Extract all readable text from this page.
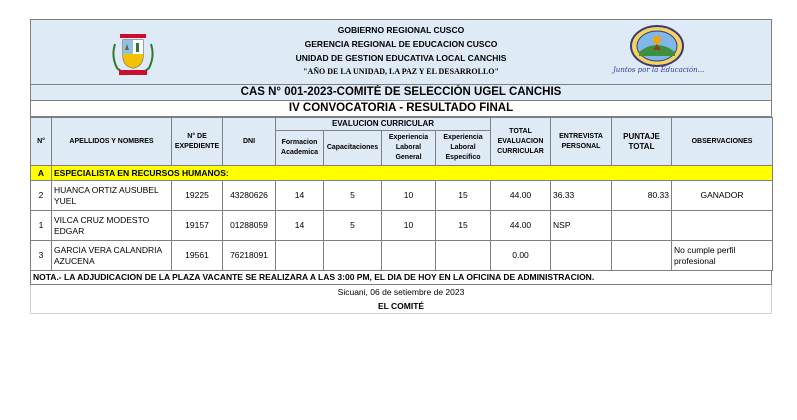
GOBIERNO REGIONAL CUSCO
GERENCIA REGIONAL DE EDUCACION CUSCO
UNIDAD DE GESTION EDUCATIVA LOCAL CANCHIS
"AÑO DE LA UNIDAD, LA PAZ Y EL DESARROLLO"	Juntos por la Educación...
CAS N° 001-2023-COMITÉ DE SELECCIÓN UGEL CANCHIS
IV CONVOCATORIA - RESULTADO FINAL
N°	APELLIDOS Y NOMBRES	N° DE EXPEDIENTE	DNI	EVALUCION CURRICULAR				TOTAL EVALUACION CURRICULAR	ENTREVISTA PERSONAL	PUNTAJE TOTAL	OBSERVACIONES
				Formacion Academica	Capacitaciones	Experiencia Laboral General	Experiencia Laboral Especifico				
A	ESPECIALISTA EN RECURSOS HUMANOS:										
2	HUANCA ORTIZ AUSUBEL YUEL	19225	43280626	14	5	10	15	44.00	36.33	80.33	GANADOR
1	VILCA CRUZ MODESTO EDGAR	19157	01288059	14	5	10	15	44.00	NSP		
3	GARCIA VERA CALANDRIA AZUCENA	19561	76218091					0.00			No cumple perfil profesional
NOTA.- LA ADJUDICACION DE LA PLAZA VACANTE SE REALIZARA A LAS 3:00 PM, EL DIA DE HOY EN LA OFICINA DE ADMINISTRACION.
Sicuani, 06 de setiembre de 2023
EL COMITÉ
